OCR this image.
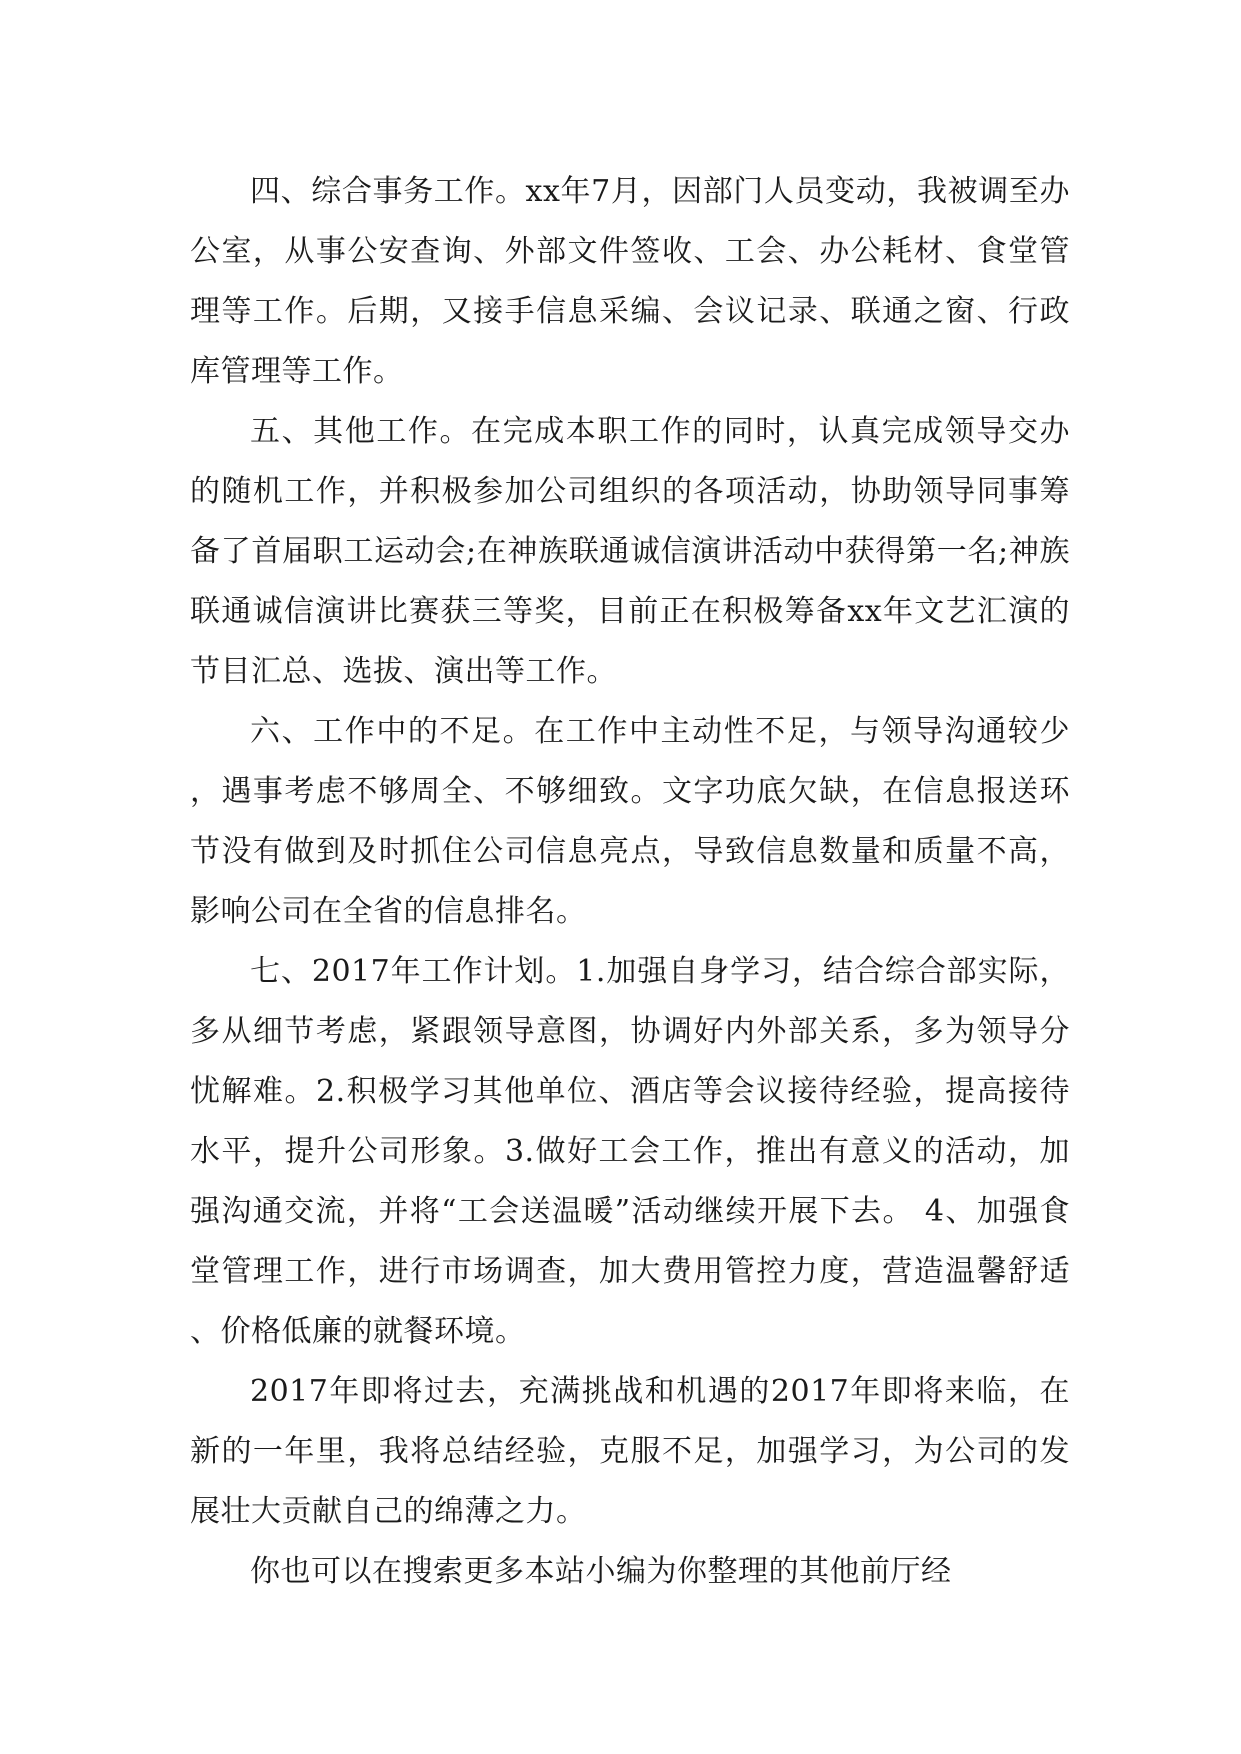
四、综合事务工作。xx年7月，因部门人员变动，我被调至办公室，从事公安查询、外部文件签收、工会、办公耗材、食堂管理等工作。后期，又接手信息采编、会议记录、联通之窗、行政库管理等工作。

五、其他工作。在完成本职工作的同时，认真完成领导交办的随机工作，并积极参加公司组织的各项活动，协助领导同事筹备了首届职工运动会;在神族联通诚信演讲活动中获得第一名;神族联通诚信演讲比赛获三等奖，目前正在积极筹备xx年文艺汇演的节目汇总、选拔、演出等工作。

六、工作中的不足。在工作中主动性不足，与领导沟通较少，遇事考虑不够周全、不够细致。文字功底欠缺，在信息报送环节没有做到及时抓住公司信息亮点，导致信息数量和质量不高，影响公司在全省的信息排名。

七、2017年工作计划。1.加强自身学习，结合综合部实际，多从细节考虑，紧跟领导意图，协调好内外部关系，多为领导分忧解难。2.积极学习其他单位、酒店等会议接待经验，提高接待水平，提升公司形象。3.做好工会工作，推出有意义的活动，加强沟通交流，并将“工会送温暖”活动继续开展下去。 4、加强食堂管理工作，进行市场调查，加大费用管控力度，营造温馨舒适、价格低廉的就餐环境。

2017年即将过去，充满挑战和机遇的2017年即将来临，在新的一年里，我将总结经验，克服不足，加强学习，为公司的发展壮大贡献自己的绵薄之力。

你也可以在搜索更多本站小编为你整理的其他前厅经
